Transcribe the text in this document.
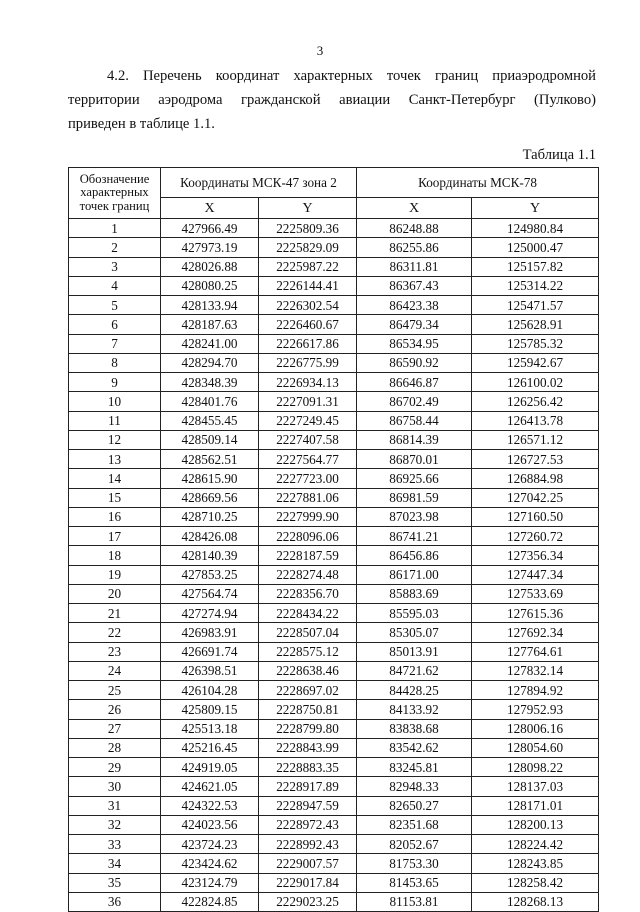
3
4.2. Перечень координат характерных точек границ приаэродромной
территории аэродрома гражданской авиации Санкт-Петербург (Пулково)
приведен в таблице 1.1.
Таблица 1.1
Обозначение характерных точек границ	Координаты МСК-47 зона 2		Координаты МСК-78	
	X	Y	X	Y
1	427966.49	2225809.36	86248.88	124980.84
2	427973.19	2225829.09	86255.86	125000.47
3	428026.88	2225987.22	86311.81	125157.82
4	428080.25	2226144.41	86367.43	125314.22
5	428133.94	2226302.54	86423.38	125471.57
6	428187.63	2226460.67	86479.34	125628.91
7	428241.00	2226617.86	86534.95	125785.32
8	428294.70	2226775.99	86590.92	125942.67
9	428348.39	2226934.13	86646.87	126100.02
10	428401.76	2227091.31	86702.49	126256.42
11	428455.45	2227249.45	86758.44	126413.78
12	428509.14	2227407.58	86814.39	126571.12
13	428562.51	2227564.77	86870.01	126727.53
14	428615.90	2227723.00	86925.66	126884.98
15	428669.56	2227881.06	86981.59	127042.25
16	428710.25	2227999.90	87023.98	127160.50
17	428426.08	2228096.06	86741.21	127260.72
18	428140.39	2228187.59	86456.86	127356.34
19	427853.25	2228274.48	86171.00	127447.34
20	427564.74	2228356.70	85883.69	127533.69
21	427274.94	2228434.22	85595.03	127615.36
22	426983.91	2228507.04	85305.07	127692.34
23	426691.74	2228575.12	85013.91	127764.61
24	426398.51	2228638.46	84721.62	127832.14
25	426104.28	2228697.02	84428.25	127894.92
26	425809.15	2228750.81	84133.92	127952.93
27	425513.18	2228799.80	83838.68	128006.16
28	425216.45	2228843.99	83542.62	128054.60
29	424919.05	2228883.35	83245.81	128098.22
30	424621.05	2228917.89	82948.33	128137.03
31	424322.53	2228947.59	82650.27	128171.01
32	424023.56	2228972.43	82351.68	128200.13
33	423724.23	2228992.43	82052.67	128224.42
34	423424.62	2229007.57	81753.30	128243.85
35	423124.79	2229017.84	81453.65	128258.42
36	422824.85	2229023.25	81153.81	128268.13
